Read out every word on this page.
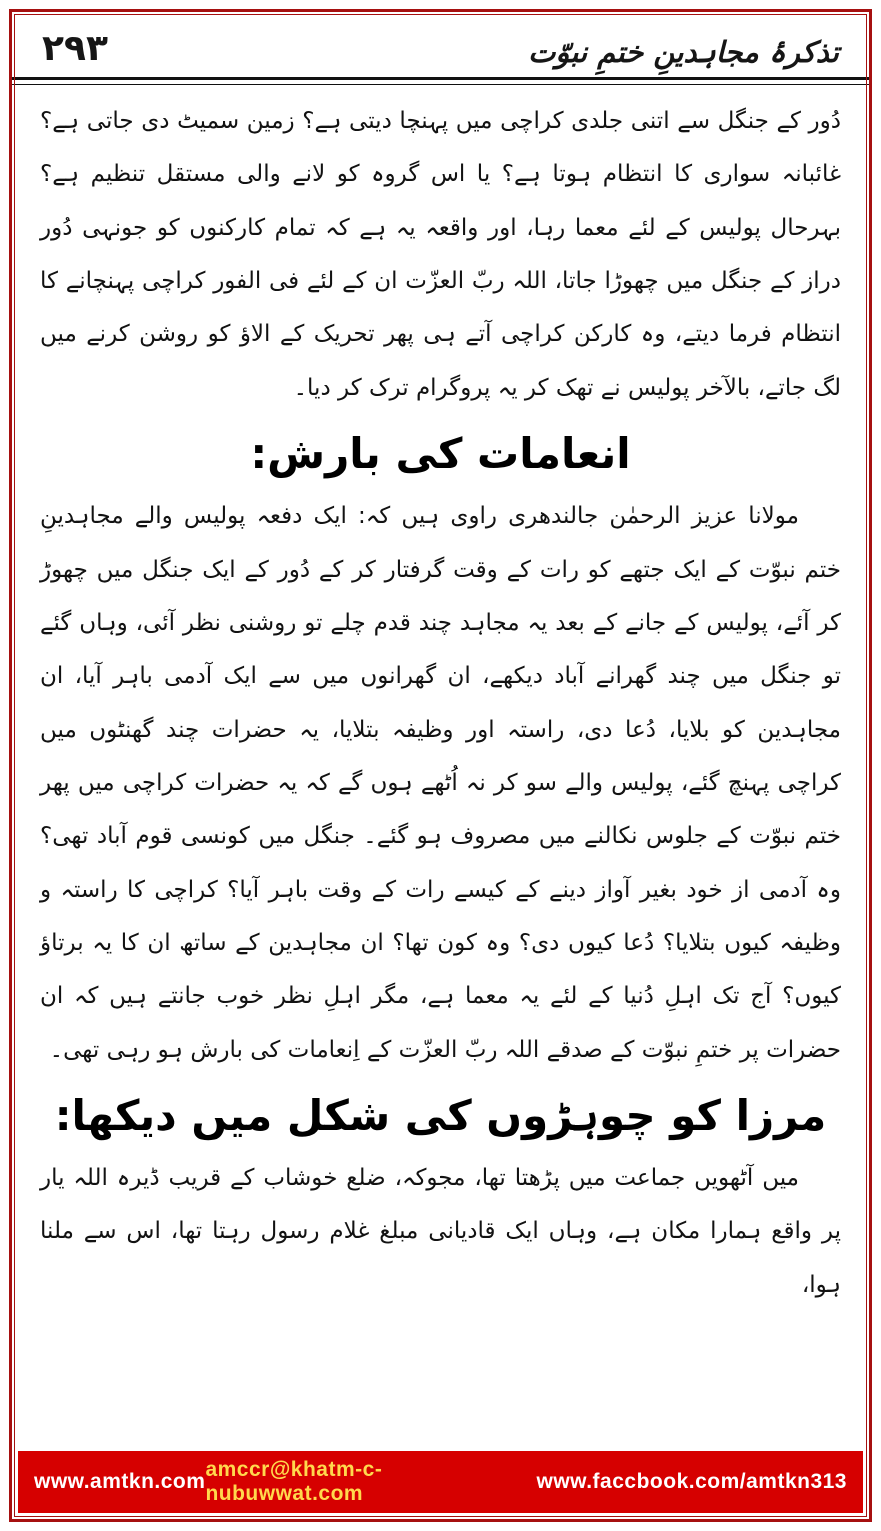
۲۹۳	تذکرۂ مجاہدینِ ختمِ نبوّت

دُور کے جنگل سے اتنی جلدی کراچی میں پہنچا دیتی ہے؟ زمین سمیٹ دی جاتی ہے؟ غائبانہ سواری کا انتظام ہوتا ہے؟ یا اس گروہ کو لانے والی مستقل تنظیم ہے؟ بہرحال پولیس کے لئے معما رہا، اور واقعہ یہ ہے کہ تمام کارکنوں کو جونہی دُور دراز کے جنگل میں چھوڑا جاتا، اللہ ربّ العزّت ان کے لئے فی الفور کراچی پہنچانے کا انتظام فرما دیتے، وہ کارکن کراچی آتے ہی پھر تحریک کے الاؤ کو روشن کرنے میں لگ جاتے، بالآخر پولیس نے تھک کر یہ پروگرام ترک کر دیا۔

انعامات کی بارش:

مولانا عزیز الرحمٰن جالندھری راوی ہیں کہ: ایک دفعہ پولیس والے مجاہدینِ ختم نبوّت کے ایک جتھے کو رات کے وقت گرفتار کر کے دُور کے ایک جنگل میں چھوڑ کر آئے، پولیس کے جانے کے بعد یہ مجاہد چند قدم چلے تو روشنی نظر آئی، وہاں گئے تو جنگل میں چند گھرانے آباد دیکھے، ان گھرانوں میں سے ایک آدمی باہر آیا، ان مجاہدین کو بلایا، دُعا دی، راستہ اور وظیفہ بتلایا، یہ حضرات چند گھنٹوں میں کراچی پہنچ گئے، پولیس والے سو کر نہ اُٹھے ہوں گے کہ یہ حضرات کراچی میں پھر ختم نبوّت کے جلوس نکالنے میں مصروف ہو گئے۔ جنگل میں کونسی قوم آباد تھی؟ وہ آدمی از خود بغیر آواز دینے کے کیسے رات کے وقت باہر آیا؟ کراچی کا راستہ و وظیفہ کیوں بتلایا؟ دُعا کیوں دی؟ وہ کون تھا؟ ان مجاہدین کے ساتھ ان کا یہ برتاؤ کیوں؟ آج تک اہلِ دُنیا کے لئے یہ معما ہے، مگر اہلِ نظر خوب جانتے ہیں کہ ان حضرات پر ختمِ نبوّت کے صدقے اللہ ربّ العزّت کے اِنعامات کی بارش ہو رہی تھی۔

مرزا کو چوہڑوں کی شکل میں دیکھا:

میں آٹھویں جماعت میں پڑھتا تھا، مجوکہ، ضلع خوشاب کے قریب ڈیرہ اللہ یار پر واقع ہمارا مکان ہے، وہاں ایک قادیانی مبلغ غلام رسول رہتا تھا، اس سے ملنا ہوا،

www.amtkn.com
amccr@khatm-c-nubuwwat.com
www.faccbook.com/amtkn313
